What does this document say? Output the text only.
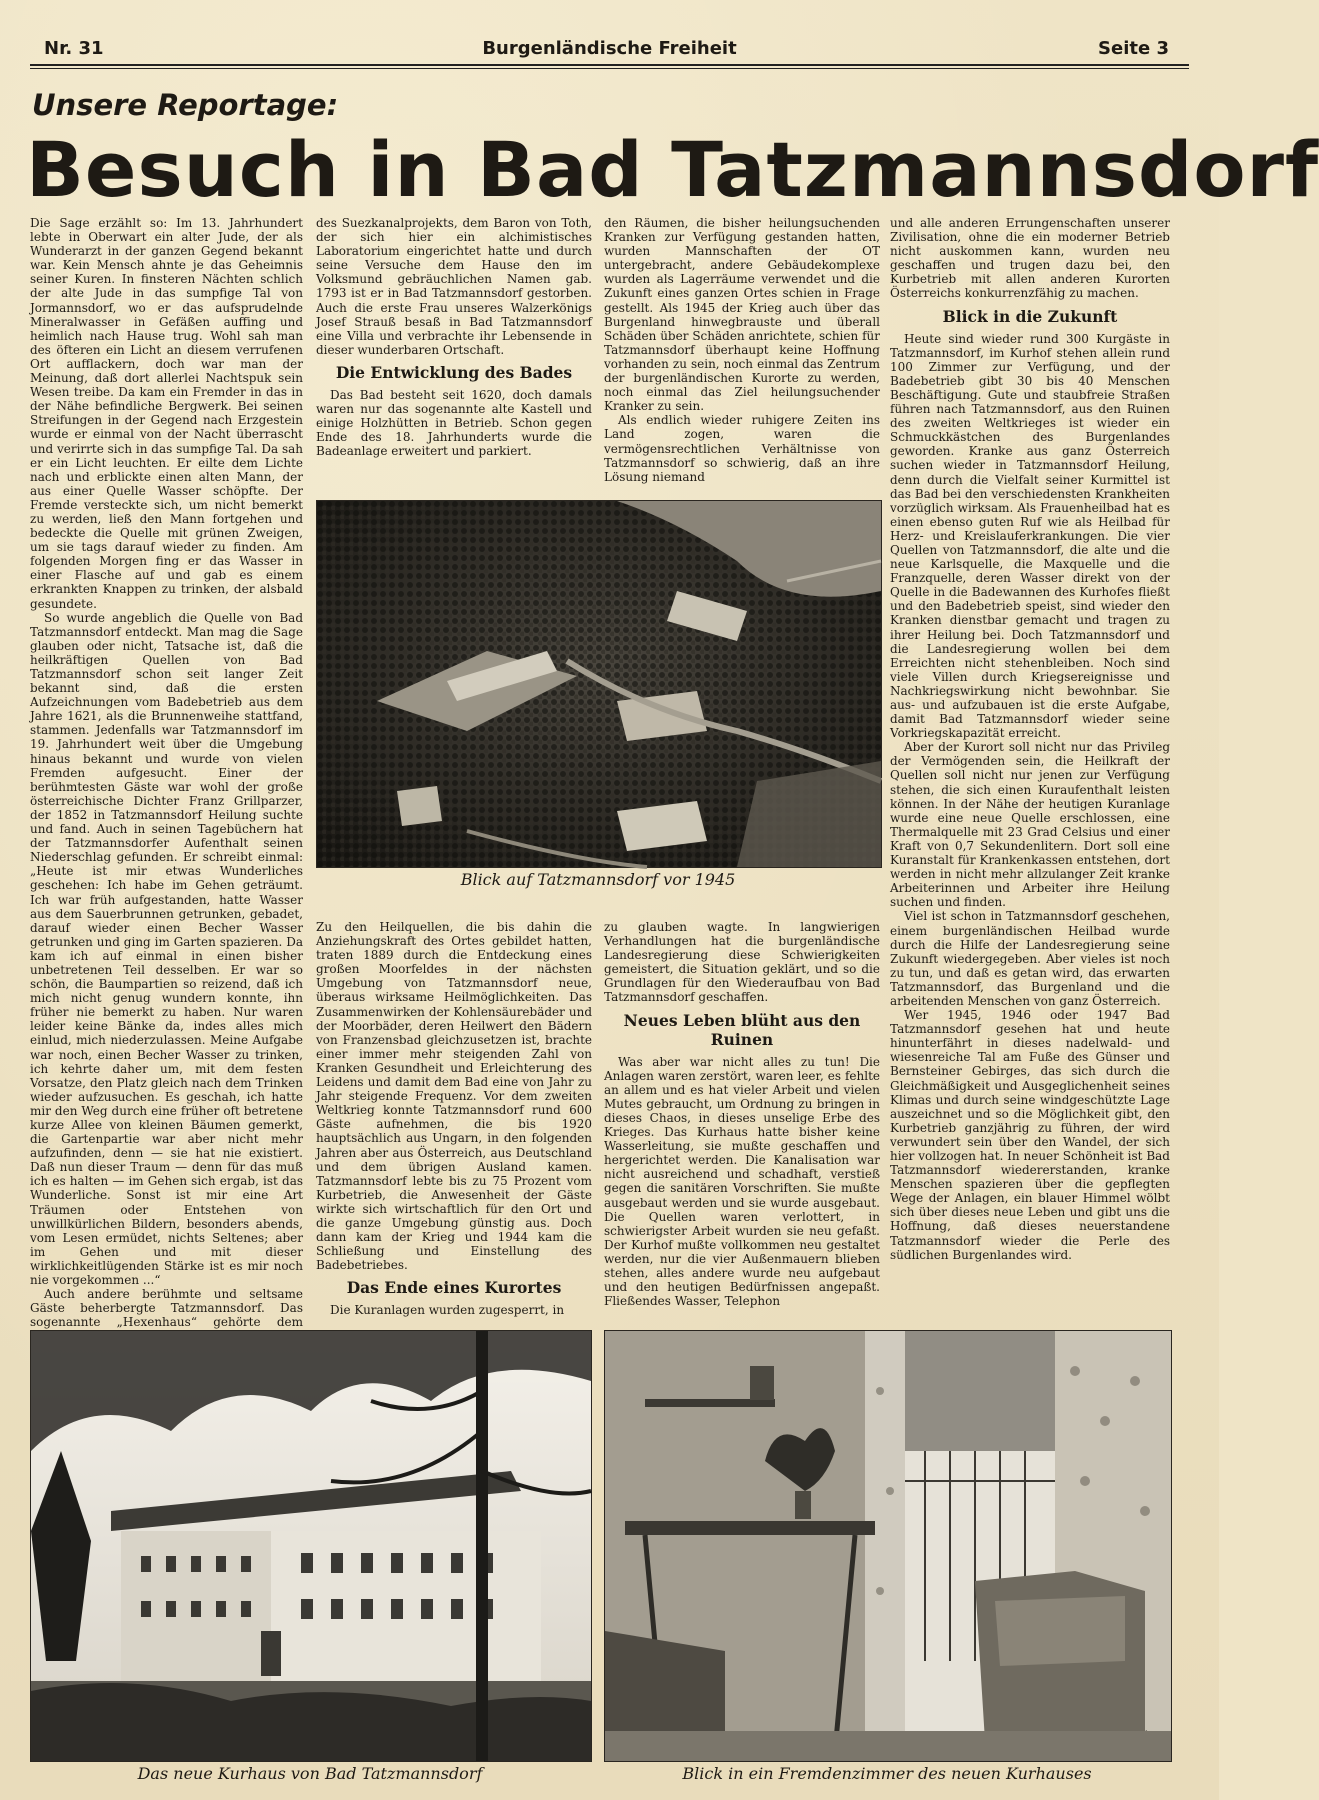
Nr. 31	Burgenländische Freiheit	Seite 3
Unsere Reportage:
Besuch in Bad Tatzmannsdorf

Die Sage erzählt so: Im 13. Jahrhundert lebte in Oberwart ein alter Jude, der als Wunderarzt in der ganzen Gegend bekannt war. Kein Mensch ahnte je das Geheimnis seiner Kuren. In finsteren Nächten schlich der alte Jude in das sumpfige Tal von Jormannsdorf, wo er das aufsprudelnde Mineralwasser in Gefäßen auffing und heimlich nach Hause trug. Wohl sah man des öfteren ein Licht an diesem verrufenen Ort aufflackern, doch war man der Meinung, daß dort allerlei Nachtspuk sein Wesen treibe. Da kam ein Fremder in das in der Nähe befindliche Bergwerk. Bei seinen Streifungen in der Gegend nach Erzgestein wurde er einmal von der Nacht überrascht und verirrte sich in das sumpfige Tal. Da sah er ein Licht leuchten. Er eilte dem Lichte nach und erblickte einen alten Mann, der aus einer Quelle Wasser schöpfte. Der Fremde versteckte sich, um nicht bemerkt zu werden, ließ den Mann fortgehen und bedeckte die Quelle mit grünen Zweigen, um sie tags darauf wieder zu finden. Am folgenden Morgen fing er das Wasser in einer Flasche auf und gab es einem erkrankten Knappen zu trinken, der alsbald gesundete.

So wurde angeblich die Quelle von Bad Tatzmannsdorf entdeckt. Man mag die Sage glauben oder nicht, Tatsache ist, daß die heilkräftigen Quellen von Bad Tatzmannsdorf schon seit langer Zeit bekannt sind, daß die ersten Aufzeichnungen vom Badebetrieb aus dem Jahre 1621, als die Brunnenweihe stattfand, stammen. Jedenfalls war Tatzmannsdorf im 19. Jahrhundert weit über die Umgebung hinaus bekannt und wurde von vielen Fremden aufgesucht. Einer der berühmtesten Gäste war wohl der große österreichische Dichter Franz Grillparzer, der 1852 in Tatzmannsdorf Heilung suchte und fand. Auch in seinen Tagebüchern hat der Tatzmannsdorfer Aufenthalt seinen Niederschlag gefunden. Er schreibt einmal: „Heute ist mir etwas Wunderliches geschehen: Ich habe im Gehen geträumt. Ich war früh aufgestanden, hatte Wasser aus dem Sauerbrunnen getrunken, gebadet, darauf wieder einen Becher Wasser getrunken und ging im Garten spazieren. Da kam ich auf einmal in einen bisher unbetretenen Teil desselben. Er war so schön, die Baumpartien so reizend, daß ich mich nicht genug wundern konnte, ihn früher nie bemerkt zu haben. Nur waren leider keine Bänke da, indes alles mich einlud, mich niederzulassen. Meine Aufgabe war noch, einen Becher Wasser zu trinken, ich kehrte daher um, mit dem festen Vorsatze, den Platz gleich nach dem Trinken wieder aufzusuchen. Es geschah, ich hatte mir den Weg durch eine früher oft betretene kurze Allee von kleinen Bäumen gemerkt, die Gartenpartie war aber nicht mehr aufzufinden, denn — sie hat nie existiert. Daß nun dieser Traum — denn für das muß ich es halten — im Gehen sich ergab, ist das Wunderliche. Sonst ist mir eine Art Träumen oder Entstehen von unwillkürlichen Bildern, besonders abends, vom Lesen ermüdet, nichts Seltenes; aber im Gehen und mit dieser wirklichkeitlügenden Stärke ist es mir noch nie vorgekommen ...“

Auch andere berühmte und seltsame Gäste beherbergte Tatzmannsdorf. Das sogenannte „Hexenhaus“ gehörte dem

des Suezkanalprojekts, dem Baron von Toth, der sich hier ein alchimistisches Laboratorium eingerichtet hatte und durch seine Versuche dem Hause den im Volksmund gebräuchlichen Namen gab. 1793 ist er in Bad Tatzmannsdorf gestorben. Auch die erste Frau unseres Walzerkönigs Josef Strauß besaß in Bad Tatzmannsdorf eine Villa und verbrachte ihr Lebensende in dieser wunderbaren Ortschaft.

Die Entwicklung des Bades

Das Bad besteht seit 1620, doch damals waren nur das sogenannte alte Kastell und einige Holzhütten in Betrieb. Schon gegen Ende des 18. Jahrhunderts wurde die Badeanlage erweitert und parkiert.

den Räumen, die bisher heilungsuchenden Kranken zur Verfügung gestanden hatten, wurden Mannschaften der OT untergebracht, andere Gebäudekomplexe wurden als Lagerräume verwendet und die Zukunft eines ganzen Ortes schien in Frage gestellt. Als 1945 der Krieg auch über das Burgenland hinwegbrauste und überall Schäden über Schäden anrichtete, schien für Tatzmannsdorf überhaupt keine Hoffnung vorhanden zu sein, noch einmal das Zentrum der burgenländischen Kurorte zu werden, noch einmal das Ziel heilungsuchender Kranker zu sein.

Als endlich wieder ruhigere Zeiten ins Land zogen, waren die vermögensrechtlichen Verhältnisse von Tatzmannsdorf so schwierig, daß an ihre Lösung niemand

und alle anderen Errungenschaften unserer Zivilisation, ohne die ein moderner Betrieb nicht auskommen kann, wurden neu geschaffen und trugen dazu bei, den Kurbetrieb mit allen anderen Kurorten Österreichs konkurrenzfähig zu machen.

Blick in die Zukunft

Heute sind wieder rund 300 Kurgäste in Tatzmannsdorf, im Kurhof stehen allein rund 100 Zimmer zur Verfügung, und der Badebetrieb gibt 30 bis 40 Menschen Beschäftigung. Gute und staubfreie Straßen führen nach Tatzmannsdorf, aus den Ruinen des zweiten Weltkrieges ist wieder ein Schmuckkästchen des Burgenlandes geworden. Kranke aus ganz Österreich suchen wieder in Tatzmannsdorf Heilung, denn durch die Vielfalt seiner Kurmittel ist das Bad bei den verschiedensten Krankheiten vorzüglich wirksam. Als Frauenheilbad hat es einen ebenso guten Ruf wie als Heilbad für Herz- und Kreislauferkrankungen. Die vier Quellen von Tatzmannsdorf, die alte und die neue Karlsquelle, die Maxquelle und die Franzquelle, deren Wasser direkt von der Quelle in die Badewannen des Kurhofes fließt und den Badebetrieb speist, sind wieder den Kranken dienstbar gemacht und tragen zu ihrer Heilung bei. Doch Tatzmannsdorf und die Landesregierung wollen bei dem Erreichten nicht stehenbleiben. Noch sind viele Villen durch Kriegsereignisse und Nachkriegswirkung nicht bewohnbar. Sie aus- und aufzubauen ist die erste Aufgabe, damit Bad Tatzmannsdorf wieder seine Vorkriegskapazität erreicht.

Aber der Kurort soll nicht nur das Privileg der Vermögenden sein, die Heilkraft der Quellen soll nicht nur jenen zur Verfügung stehen, die sich einen Kuraufenthalt leisten können. In der Nähe der heutigen Kuranlage wurde eine neue Quelle erschlossen, eine Thermalquelle mit 23 Grad Celsius und einer Kraft von 0,7 Sekundenlitern. Dort soll eine Kuranstalt für Krankenkassen entstehen, dort werden in nicht mehr allzulanger Zeit kranke Arbeiterinnen und Arbeiter ihre Heilung suchen und finden.

Viel ist schon in Tatzmannsdorf geschehen, einem burgenländischen Heilbad wurde durch die Hilfe der Landesregierung seine Zukunft wiedergegeben. Aber vieles ist noch zu tun, und daß es getan wird, das erwarten Tatzmannsdorf, das Burgenland und die arbeitenden Menschen von ganz Österreich.

Wer 1945, 1946 oder 1947 Bad Tatzmannsdorf gesehen hat und heute hinunterfährt in dieses nadelwald- und wiesenreiche Tal am Fuße des Günser und Bernsteiner Gebirges, das sich durch die Gleichmäßigkeit und Ausgeglichenheit seines Klimas und durch seine windgeschützte Lage auszeichnet und so die Möglichkeit gibt, den Kurbetrieb ganzjährig zu führen, der wird verwundert sein über den Wandel, der sich hier vollzogen hat. In neuer Schönheit ist Bad Tatzmannsdorf wiedererstanden, kranke Menschen spazieren über die gepflegten Wege der Anlagen, ein blauer Himmel wölbt sich über dieses neue Leben und gibt uns die Hoffnung, daß dieses neuerstandene Tatzmannsdorf wieder die Perle des südlichen Burgenlandes wird.

Blick auf Tatzmannsdorf vor 1945

Zu den Heilquellen, die bis dahin die Anziehungskraft des Ortes gebildet hatten, traten 1889 durch die Entdeckung eines großen Moorfeldes in der nächsten Umgebung von Tatzmannsdorf neue, überaus wirksame Heilmöglichkeiten. Das Zusammenwirken der Kohlensäurebäder und der Moorbäder, deren Heilwert den Bädern von Franzensbad gleichzusetzen ist, brachte einer immer mehr steigenden Zahl von Kranken Gesundheit und Erleichterung des Leidens und damit dem Bad eine von Jahr zu Jahr steigende Frequenz. Vor dem zweiten Weltkrieg konnte Tatzmannsdorf rund 600 Gäste aufnehmen, die bis 1920 hauptsächlich aus Ungarn, in den folgenden Jahren aber aus Österreich, aus Deutschland und dem übrigen Ausland kamen. Tatzmannsdorf lebte bis zu 75 Prozent vom Kurbetrieb, die Anwesenheit der Gäste wirkte sich wirtschaftlich für den Ort und die ganze Umgebung günstig aus. Doch dann kam der Krieg und 1944 kam die Schließung und Einstellung des Badebetriebes.

Das Ende eines Kurortes

Die Kuranlagen wurden zugesperrt, in

zu glauben wagte. In langwierigen Verhandlungen hat die burgenländische Landesregierung diese Schwierigkeiten gemeistert, die Situation geklärt, und so die Grundlagen für den Wiederaufbau von Bad Tatzmannsdorf geschaffen.

Neues Leben blüht aus den Ruinen

Was aber war nicht alles zu tun! Die Anlagen waren zerstört, waren leer, es fehlte an allem und es hat vieler Arbeit und vielen Mutes gebraucht, um Ordnung zu bringen in dieses Chaos, in dieses unselige Erbe des Krieges. Das Kurhaus hatte bisher keine Wasserleitung, sie mußte geschaffen und hergerichtet werden. Die Kanalisation war nicht ausreichend und schadhaft, verstieß gegen die sanitären Vorschriften. Sie mußte ausgebaut werden und sie wurde ausgebaut. Die Quellen waren verlottert, in schwierigster Arbeit wurden sie neu gefaßt. Der Kurhof mußte vollkommen neu gestaltet werden, nur die vier Außenmauern blieben stehen, alles andere wurde neu aufgebaut und den heutigen Bedürfnissen angepaßt. Fließendes Wasser, Telephon

Das neue Kurhaus von Bad Tatzmannsdorf	Blick in ein Fremdenzimmer des neuen Kurhauses
